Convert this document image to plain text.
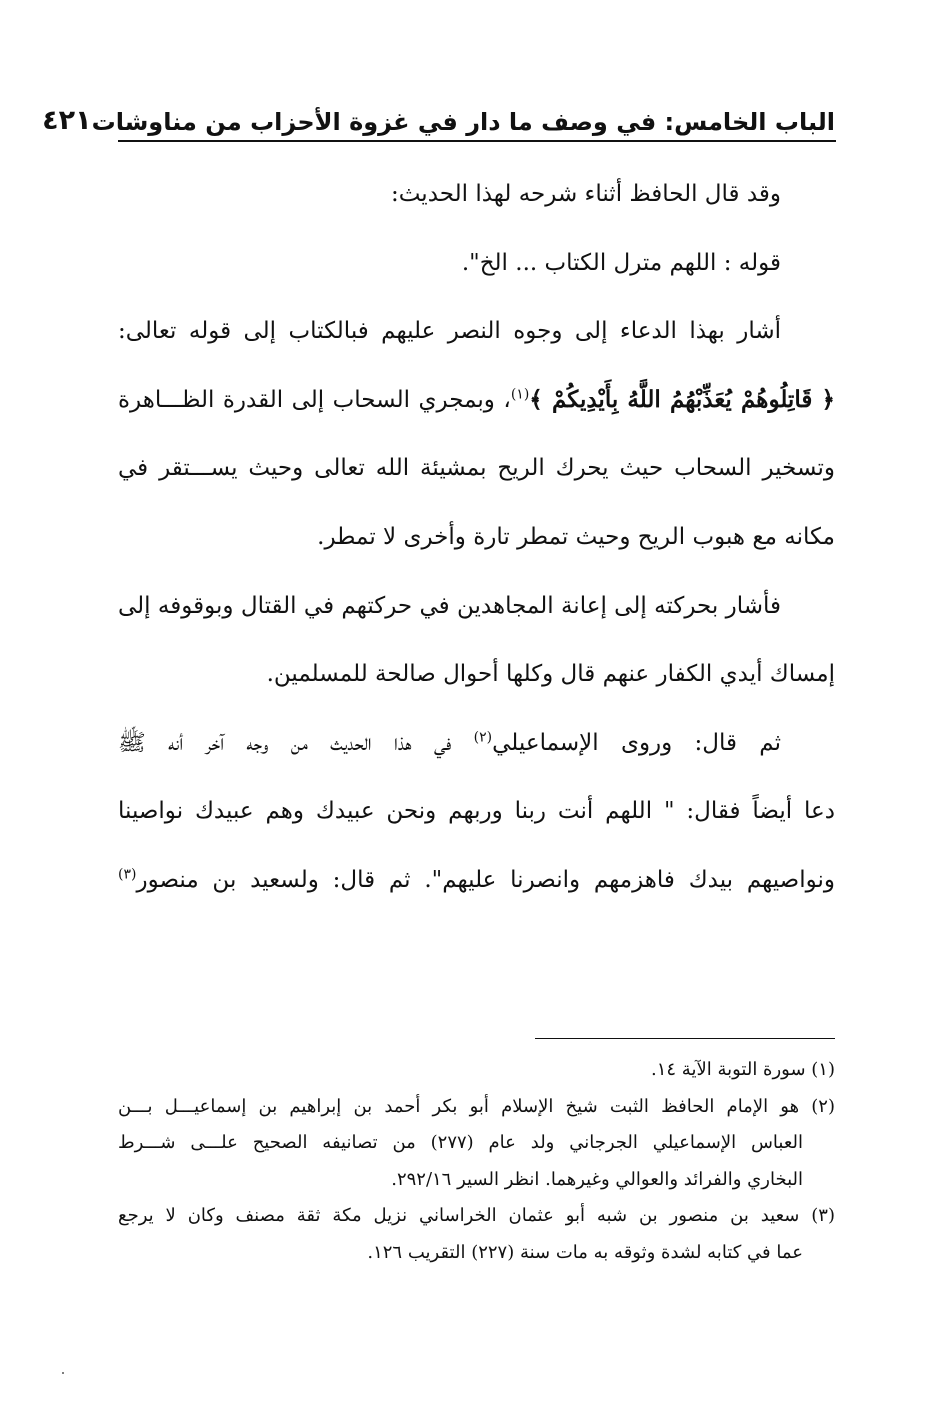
الباب الخامس: في وصف ما دار في غزوة الأحزاب من مناوشات
٤٢١
وقد قال الحافظ أثناء شرحه لهذا الحديث:
قوله : اللهم مترل الكتاب ... الخ".
أشار بهذا الدعاء إلى وجوه النصر عليهم فبالكتاب إلى قوله تعالى:
﴿ قَاتِلُوهُمْ يُعَذِّبْهُمُ اللَّهُ بِأَيْدِيكُمْ ﴾$^{(١)}$، وبمجري السحاب إلى القدرة الظـــاهرة
وتسخير السحاب حيث يحرك الريح بمشيئة الله تعالى وحيث يســـتقر في
مكانه مع هبوب الريح وحيث تمطر تارة وأخرى لا تمطر.
فأشار بحركته إلى إعانة المجاهدين في حركتهم في القتال وبوقوفه إلى
إمساك أيدي الكفار عنهم قال وكلها أحوال صالحة للمسلمين.
ثم قال: وروى الإسماعيلي$^{(٢)}$ في هذا الحديث من وجه آخر أنه ﷺ
دعا أيضاً فقال: " اللهم أنت ربنا وربهم ونحن عبيدك وهم عبيدك نواصينا
ونواصيهم بيدك فاهزمهم وانصرنا عليهم". ثم قال: ولسعيد بن منصور$^{(٣)}$
(١) سورة التوبة الآية ١٤.
(٢) هو الإمام الحافظ الثبت شيخ الإسلام أبو بكر أحمد بن إبراهيم بن إسماعيـــل بـــن
العباس الإسماعيلي الجرجاني ولد عام (٢٧٧) من تصانيفه الصحيح علـــى شـــرط
البخاري والفرائد والعوالي وغيرهما. انظر السير ٢٩٢/١٦.
(٣) سعيد بن منصور بن شبه أبو عثمان الخراساني نزيل مكة ثقة مصنف وكان لا يرجع
عما في كتابه لشدة وثوقه به مات سنة (٢٢٧) التقريب ١٢٦.
